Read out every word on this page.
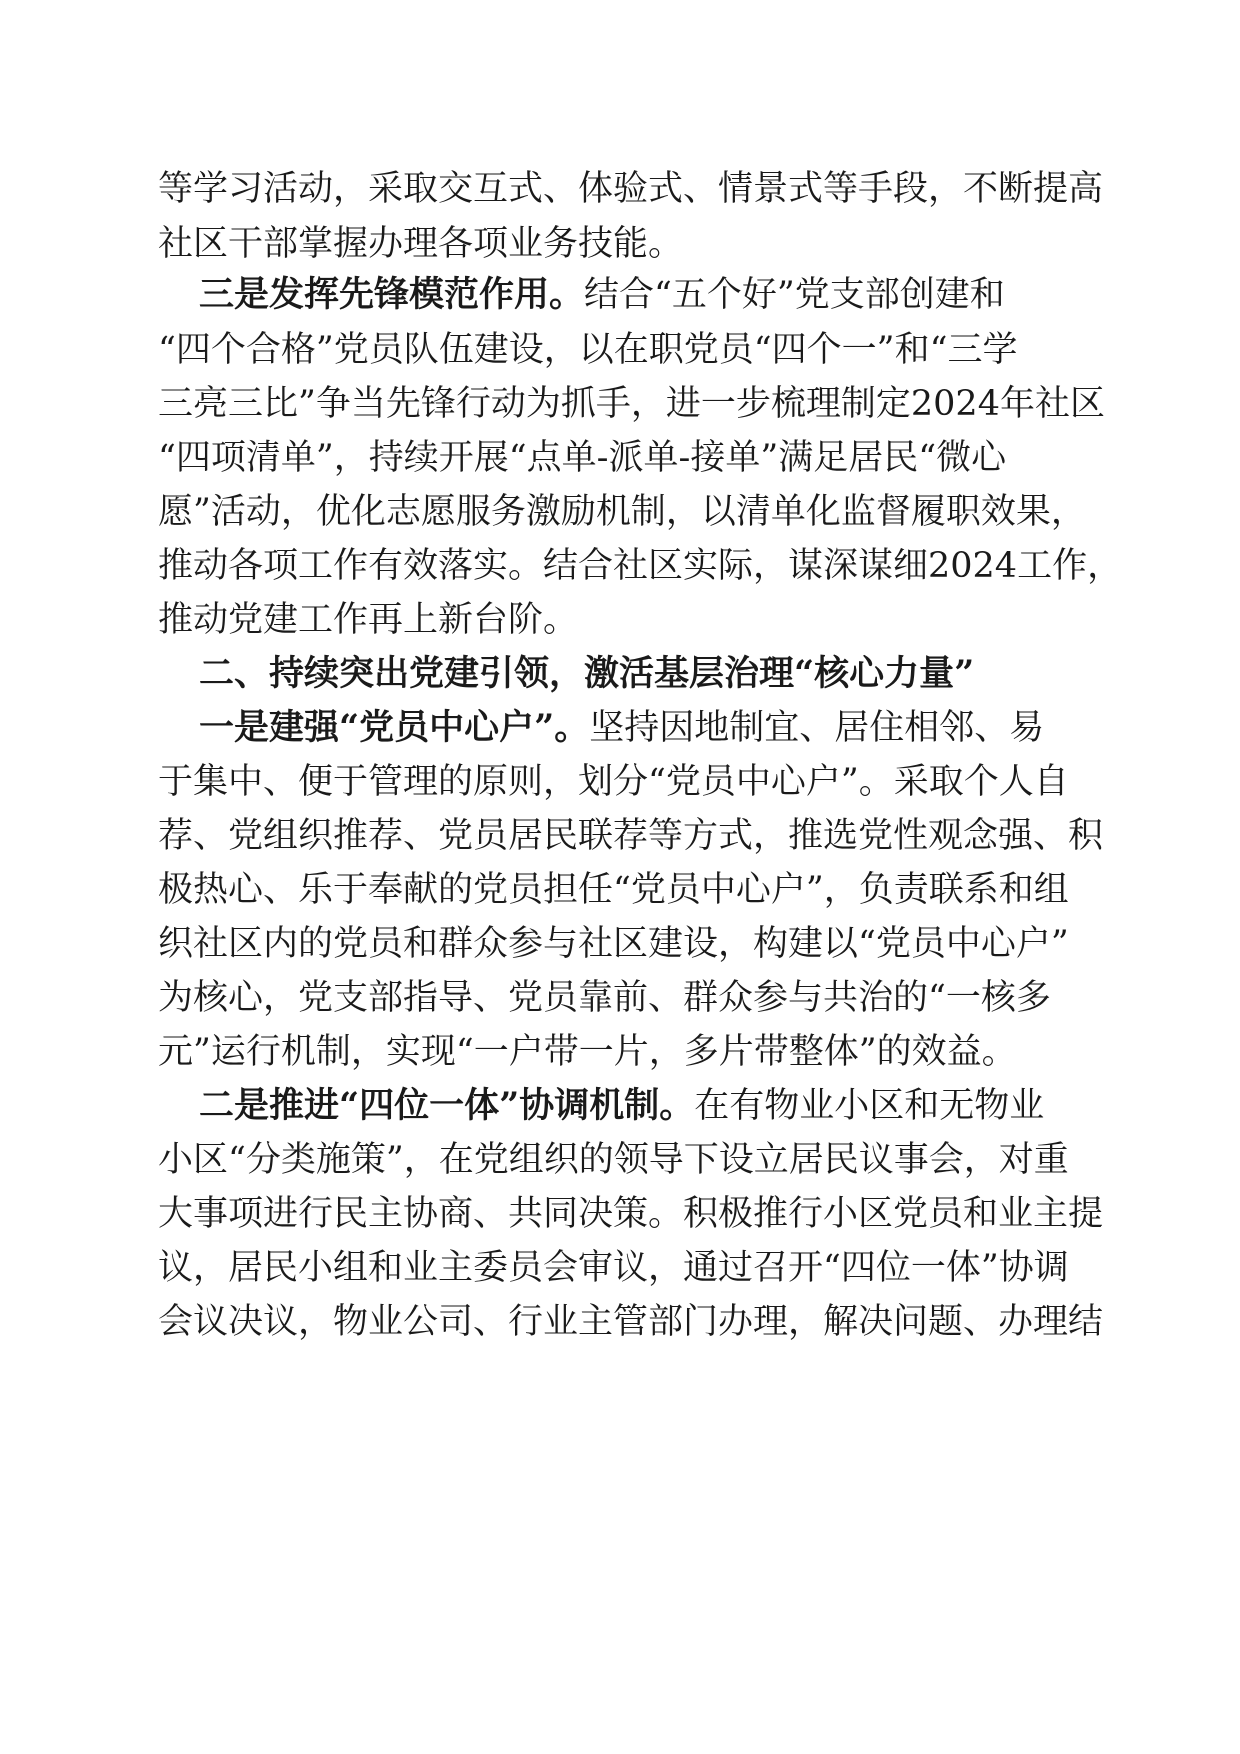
等学习活动，采取交互式、体验式、情景式等手段，不断提高
社区干部掌握办理各项业务技能。
三是发挥先锋模范作用。结合“五个好”党支部创建和
“四个合格”党员队伍建设，以在职党员“四个一”和“三学
三亮三比”争当先锋行动为抓手，进一步梳理制定2024年社区
“四项清单”，持续开展“点单-派单-接单”满足居民“微心
愿”活动，优化志愿服务激励机制，以清单化监督履职效果，
推动各项工作有效落实。结合社区实际，谋深谋细2024工作，
推动党建工作再上新台阶。
二、持续突出党建引领，激活基层治理“核心力量”
一是建强“党员中心户”。坚持因地制宜、居住相邻、易
于集中、便于管理的原则，划分“党员中心户”。采取个人自
荐、党组织推荐、党员居民联荐等方式，推选党性观念强、积
极热心、乐于奉献的党员担任“党员中心户”，负责联系和组
织社区内的党员和群众参与社区建设，构建以“党员中心户”
为核心，党支部指导、党员靠前、群众参与共治的“一核多
元”运行机制，实现“一户带一片，多片带整体”的效益。
二是推进“四位一体”协调机制。在有物业小区和无物业
小区“分类施策”，在党组织的领导下设立居民议事会，对重
大事项进行民主协商、共同决策。积极推行小区党员和业主提
议，居民小组和业主委员会审议，通过召开“四位一体”协调
会议决议，物业公司、行业主管部门办理，解决问题、办理结
